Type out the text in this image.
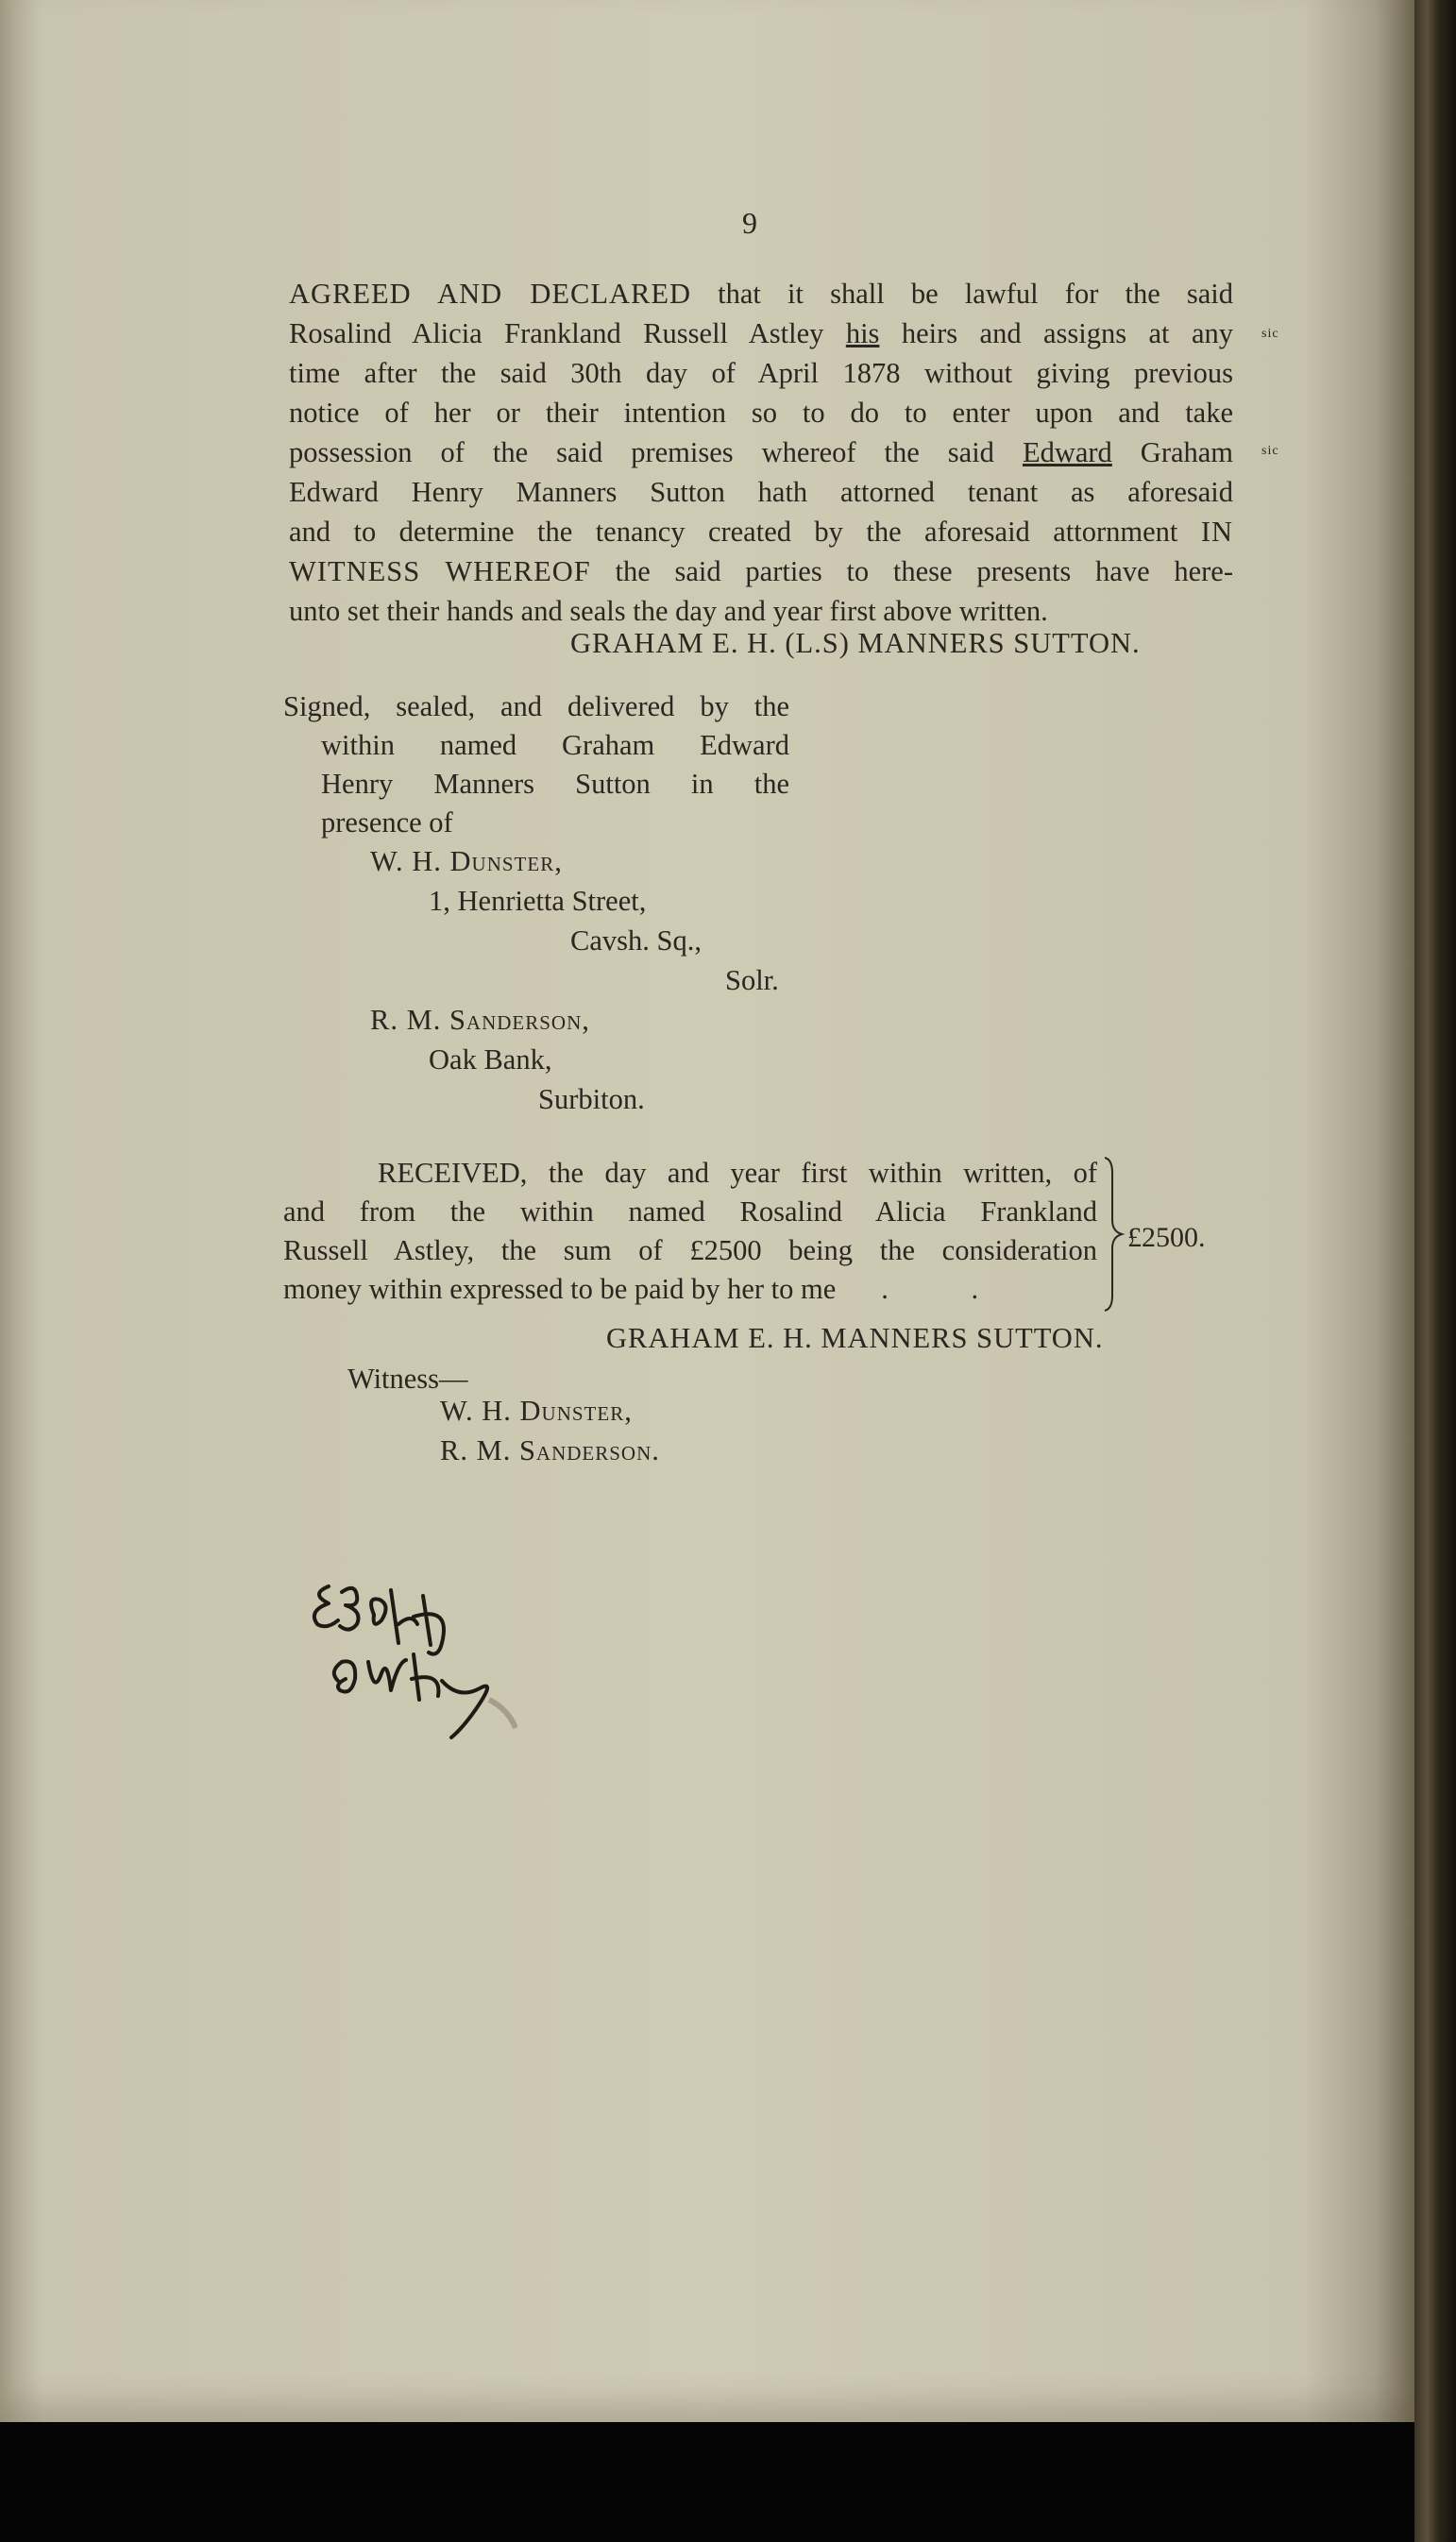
9
AGREED AND DECLARED that it shall be lawful for the said
Rosalind Alicia Frankland Russell Astley his heirs and assigns at any
time after the said 30th day of April 1878 without giving previous
notice of her or their intention so to do to enter upon and take
possession of the said premises whereof the said Edward Graham
Edward Henry Manners Sutton hath attorned tenant as aforesaid
and to determine the tenancy created by the aforesaid attornment IN
WITNESS WHEREOF the said parties to these presents have here-
unto set their hands and seals the day and year first above written.
sic
sic
GRAHAM E. H. (L.S) MANNERS SUTTON.
Signed, sealed, and delivered by the
within named Graham Edward
Henry Manners Sutton in the
presence of
W. H. Dunster,
1, Henrietta Street,
Cavsh. Sq.,
Solr.
R. M. Sanderson,
Oak Bank,
Surbiton.
RECEIVED, the day and year first within written, of
and from the within named Rosalind Alicia Frankland
Russell Astley, the sum of £2500 being the consideration
money within expressed to be paid by her to me . .
£2500.
GRAHAM E. H. MANNERS SUTTON.
Witness—
W. H. Dunster,
R. M. Sanderson.
